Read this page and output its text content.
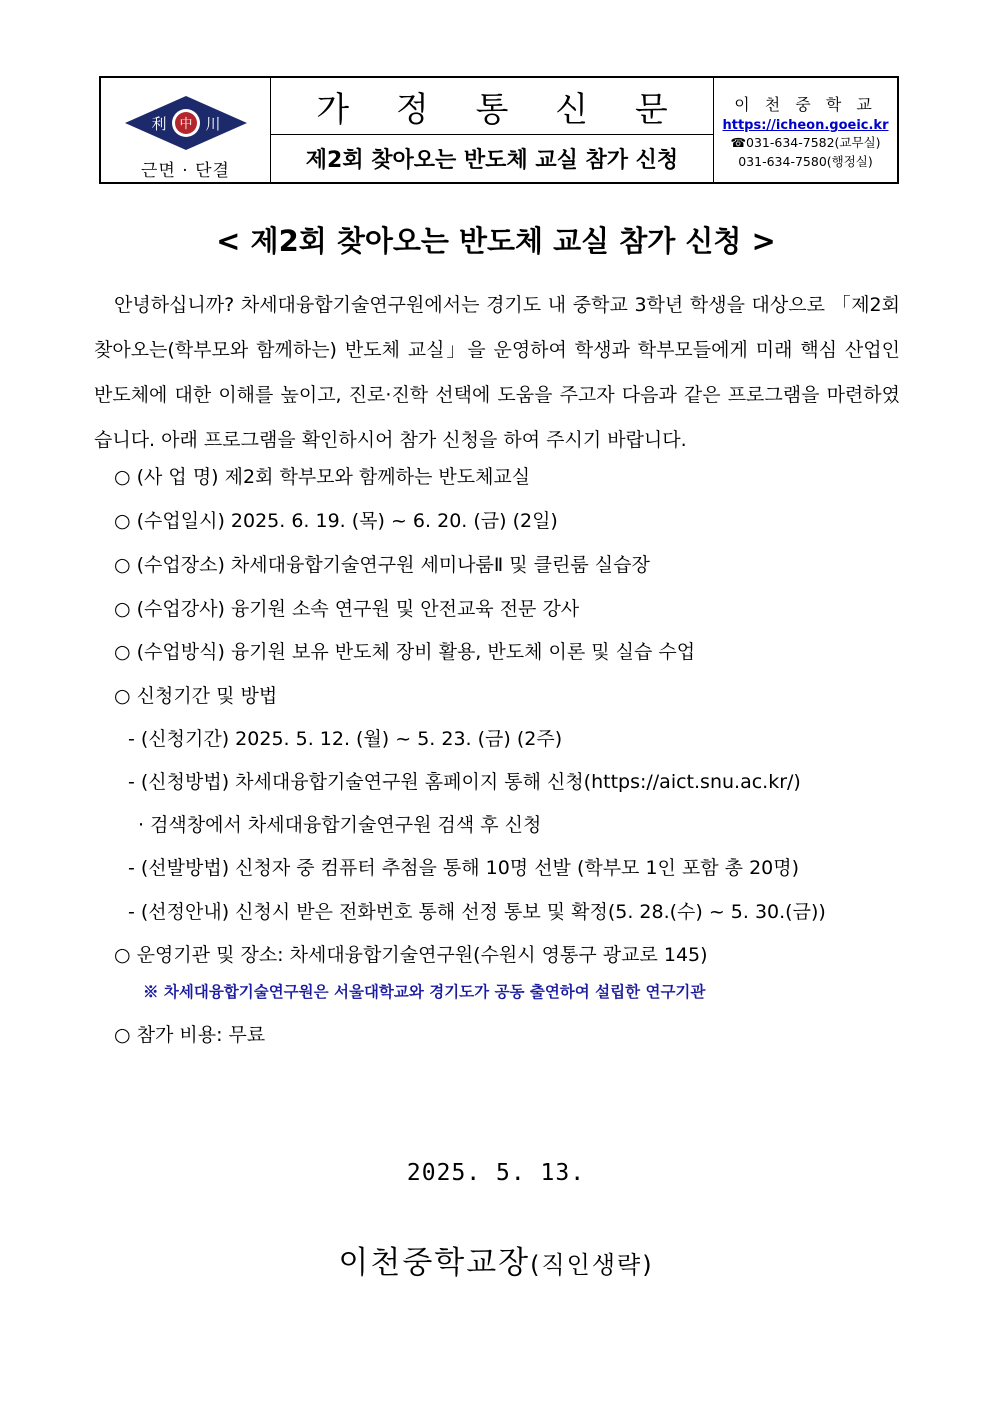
利 中 川
근면 · 단결
가 정 통 신 문
제2회 찾아오는 반도체 교실 참가 신청
이 천 중 학 교
https://icheon.goeic.kr
☎031-634-7582(교무실)
031-634-7580(행정실)
< 제2회 찾아오는 반도체 교실 참가 신청 >

안녕하십니까? 차세대융합기술연구원에서는 경기도 내 중학교 3학년 학생을 대상으로 「제2회 찾아오는(학부모와 함께하는) 반도체 교실」을 운영하여 학생과 학부모들에게 미래 핵심 산업인 반도체에 대한 이해를 높이고, 진로·진학 선택에 도움을 주고자 다음과 같은 프로그램을 마련하였습니다. 아래 프로그램을 확인하시어 참가 신청을 하여 주시기 바랍니다.

○ (사 업 명) 제2회 학부모와 함께하는 반도체교실
○ (수업일시) 2025. 6. 19. (목) ~ 6. 20. (금) (2일)
○ (수업장소) 차세대융합기술연구원 세미나룸Ⅱ 및 클린룸 실습장
○ (수업강사) 융기원 소속 연구원 및 안전교육 전문 강사
○ (수업방식) 융기원 보유 반도체 장비 활용, 반도체 이론 및 실습 수업
○ 신청기간 및 방법
- (신청기간) 2025. 5. 12. (월) ~ 5. 23. (금) (2주)
- (신청방법) 차세대융합기술연구원 홈페이지 통해 신청(https://aict.snu.ac.kr/)
· 검색창에서 차세대융합기술연구원 검색 후 신청
- (선발방법) 신청자 중 컴퓨터 추첨을 통해 10명 선발 (학부모 1인 포함 총 20명)
- (선정안내) 신청시 받은 전화번호 통해 선정 통보 및 확정(5. 28.(수) ~ 5. 30.(금))
○ 운영기관 및 장소: 차세대융합기술연구원(수원시 영통구 광교로 145)
○ 참가 비용: 무료
※ 차세대융합기술연구원은 서울대학교와 경기도가 공동 출연하여 설립한 연구기관
2025. 5. 13.
이천중학교장(직인생략)
